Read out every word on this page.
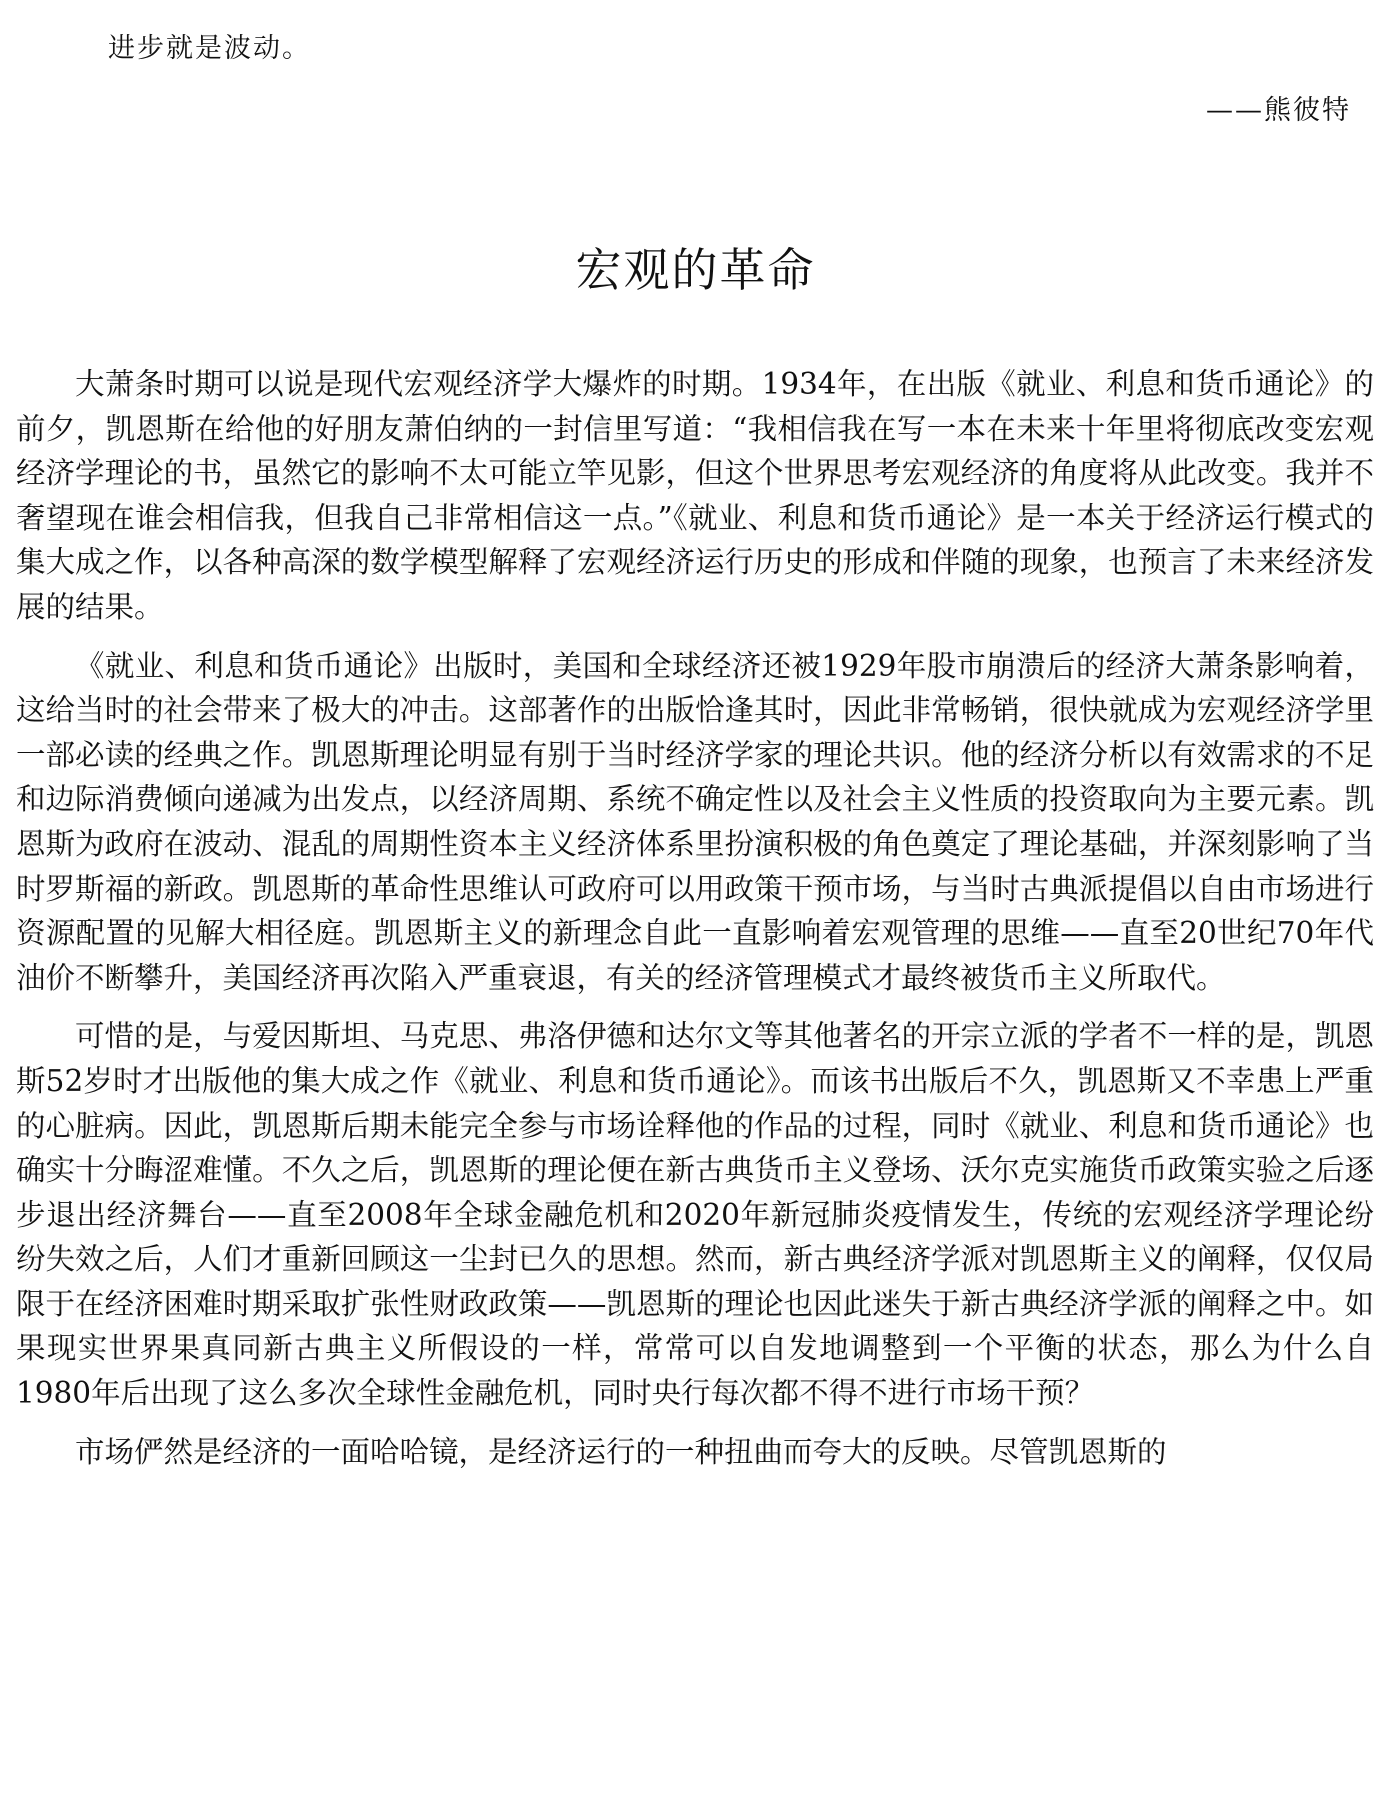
进步就是波动。

——熊彼特

宏观的革命

大萧条时期可以说是现代宏观经济学大爆炸的时期。1934年，在出版《就业、利息和货币通论》的前夕，凯恩斯在给他的好朋友萧伯纳的一封信里写道：“我相信我在写一本在未来十年里将彻底改变宏观经济学理论的书，虽然它的影响不太可能立竿见影，但这个世界思考宏观经济的角度将从此改变。我并不奢望现在谁会相信我，但我自己非常相信这一点。”《就业、利息和货币通论》是一本关于经济运行模式的集大成之作，以各种高深的数学模型解释了宏观经济运行历史的形成和伴随的现象，也预言了未来经济发展的结果。

《就业、利息和货币通论》出版时，美国和全球经济还被1929年股市崩溃后的经济大萧条影响着，这给当时的社会带来了极大的冲击。这部著作的出版恰逢其时，因此非常畅销，很快就成为宏观经济学里一部必读的经典之作。凯恩斯理论明显有别于当时经济学家的理论共识。他的经济分析以有效需求的不足和边际消费倾向递减为出发点，以经济周期、系统不确定性以及社会主义性质的投资取向为主要元素。凯恩斯为政府在波动、混乱的周期性资本主义经济体系里扮演积极的角色奠定了理论基础，并深刻影响了当时罗斯福的新政。凯恩斯的革命性思维认可政府可以用政策干预市场，与当时古典派提倡以自由市场进行资源配置的见解大相径庭。凯恩斯主义的新理念自此一直影响着宏观管理的思维——直至20世纪70年代油价不断攀升，美国经济再次陷入严重衰退，有关的经济管理模式才最终被货币主义所取代。

可惜的是，与爱因斯坦、马克思、弗洛伊德和达尔文等其他著名的开宗立派的学者不一样的是，凯恩斯52岁时才出版他的集大成之作《就业、利息和货币通论》。而该书出版后不久，凯恩斯又不幸患上严重的心脏病。因此，凯恩斯后期未能完全参与市场诠释他的作品的过程，同时《就业、利息和货币通论》也确实十分晦涩难懂。不久之后，凯恩斯的理论便在新古典货币主义登场、沃尔克实施货币政策实验之后逐步退出经济舞台——直至2008年全球金融危机和2020年新冠肺炎疫情发生，传统的宏观经济学理论纷纷失效之后，人们才重新回顾这一尘封已久的思想。然而，新古典经济学派对凯恩斯主义的阐释，仅仅局限于在经济困难时期采取扩张性财政政策——凯恩斯的理论也因此迷失于新古典经济学派的阐释之中。如果现实世界果真同新古典主义所假设的一样，常常可以自发地调整到一个平衡的状态，那么为什么自1980年后出现了这么多次全球性金融危机，同时央行每次都不得不进行市场干预？

市场俨然是经济的一面哈哈镜，是经济运行的一种扭曲而夸大的反映。尽管凯恩斯的
